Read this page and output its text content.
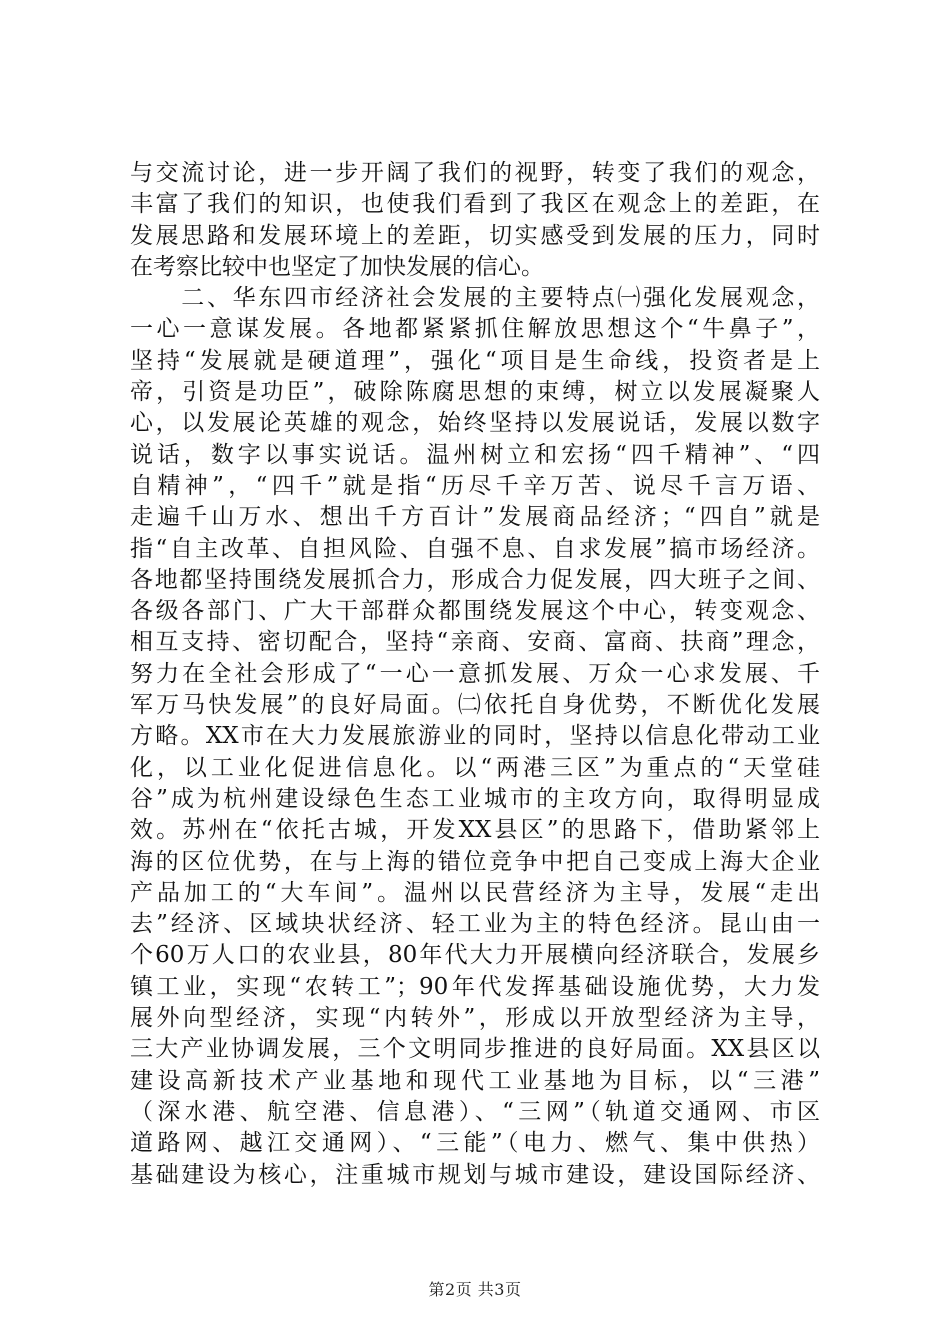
与交流讨论，进一步开阔了我们的视野，转变了我们的观念，
丰富了我们的知识，也使我们看到了我区在观念上的差距，在
发展思路和发展环境上的差距，切实感受到发展的压力，同时
在考察比较中也坚定了加快发展的信心。
　　二、华东四市经济社会发展的主要特点㈠强化发展观念，
一心一意谋发展。各地都紧紧抓住解放思想这个“牛鼻子”，
坚持“发展就是硬道理”，强化“项目是生命线，投资者是上
帝，引资是功臣”，破除陈腐思想的束缚，树立以发展凝聚人
心，以发展论英雄的观念，始终坚持以发展说话，发展以数字
说话，数字以事实说话。温州树立和宏扬“四千精神”、“四
自精神”，“四千”就是指“历尽千辛万苦、说尽千言万语、
走遍千山万水、想出千方百计”发展商品经济；“四自”就是
指“自主改革、自担风险、自强不息、自求发展”搞市场经济。
各地都坚持围绕发展抓合力，形成合力促发展，四大班子之间、
各级各部门、广大干部群众都围绕发展这个中心，转变观念、
相互支持、密切配合，坚持“亲商、安商、富商、扶商”理念，
努力在全社会形成了“一心一意抓发展、万众一心求发展、千
军万马快发展”的良好局面。㈡依托自身优势，不断优化发展
方略。XX市在大力发展旅游业的同时，坚持以信息化带动工业
化，以工业化促进信息化。以“两港三区”为重点的“天堂硅
谷”成为杭州建设绿色生态工业城市的主攻方向，取得明显成
效。苏州在“依托古城，开发XX县区”的思路下，借助紧邻上
海的区位优势，在与上海的错位竞争中把自己变成上海大企业
产品加工的“大车间”。温州以民营经济为主导，发展“走出
去”经济、区域块状经济、轻工业为主的特色经济。昆山由一
个60万人口的农业县，80年代大力开展横向经济联合，发展乡
镇工业，实现“农转工”；90年代发挥基础设施优势，大力发
展外向型经济，实现“内转外”，形成以开放型经济为主导，
三大产业协调发展，三个文明同步推进的良好局面。XX县区以
建设高新技术产业基地和现代工业基地为目标，以“三港”
（深水港、航空港、信息港）、“三网”（轨道交通网、市区
道路网、越江交通网）、“三能”（电力、燃气、集中供热）
基础建设为核心，注重城市规划与城市建设，建设国际经济、
第2页 共3页
